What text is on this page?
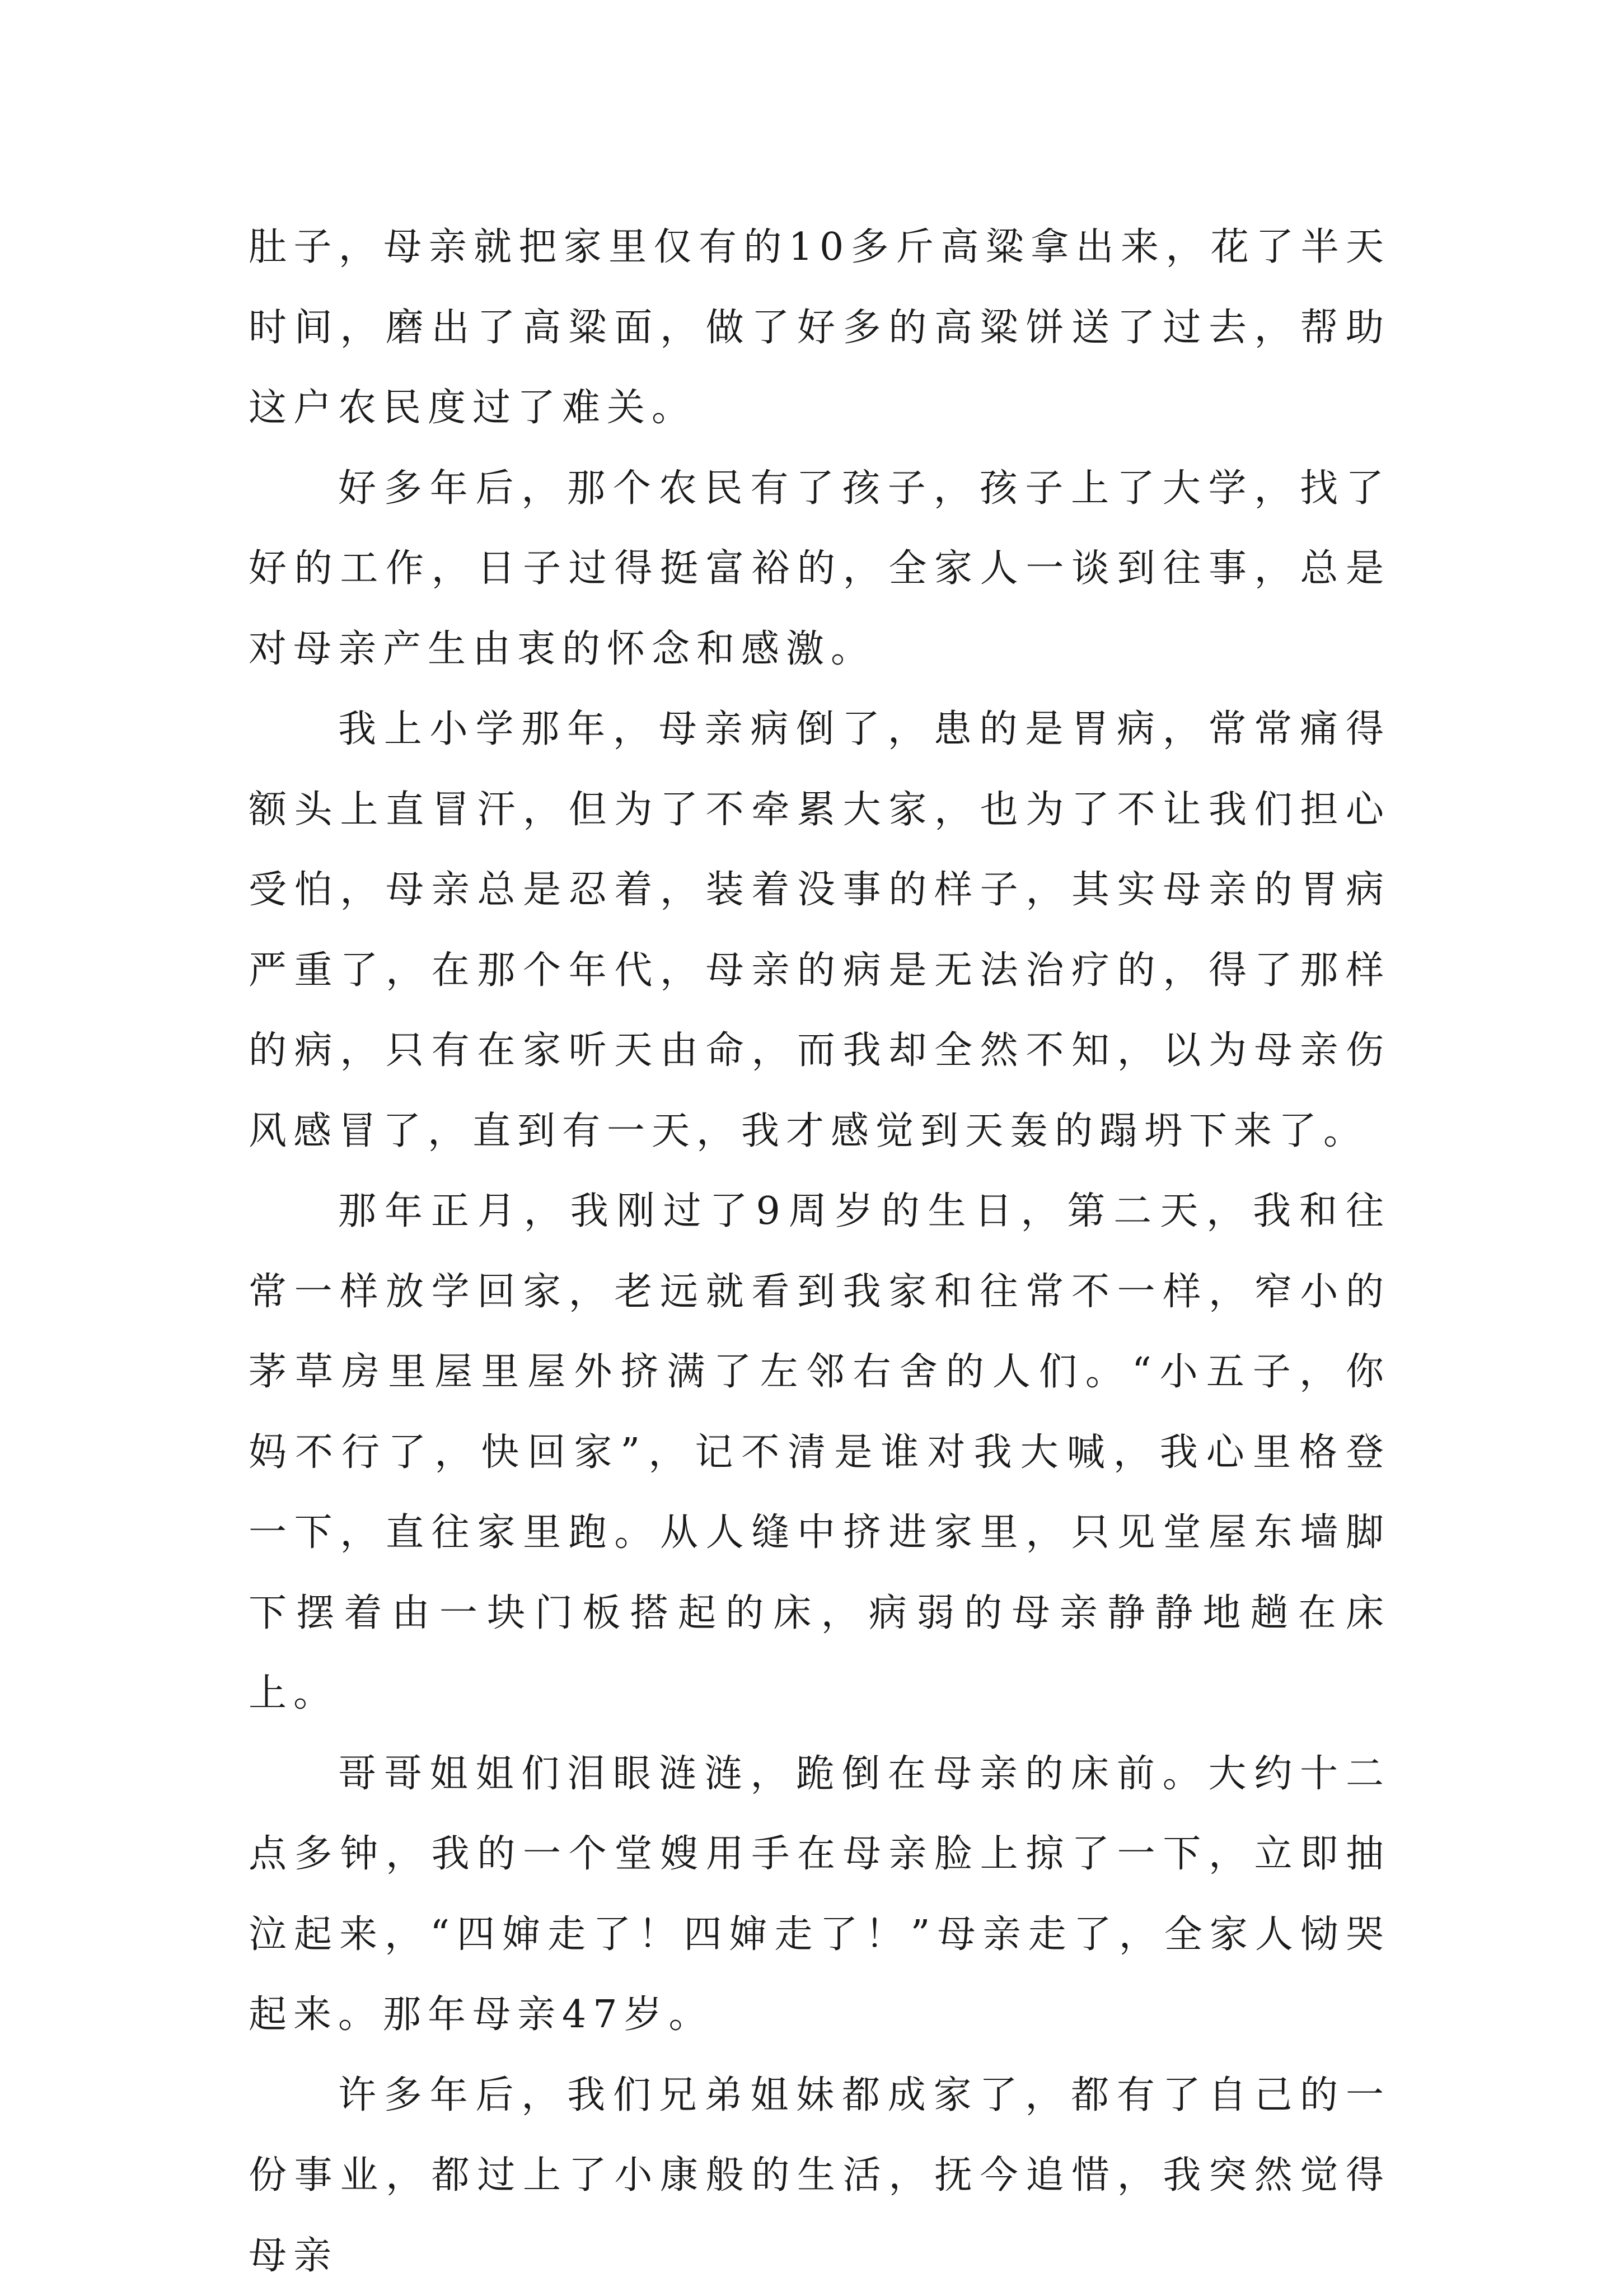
肚子，母亲就把家里仅有的10多斤高粱拿出来，花了半天时间，磨出了高粱面，做了好多的高粱饼送了过去，帮助这户农民度过了难关。

好多年后，那个农民有了孩子，孩子上了大学，找了好的工作，日子过得挺富裕的，全家人一谈到往事，总是对母亲产生由衷的怀念和感激。

我上小学那年，母亲病倒了，患的是胃病，常常痛得额头上直冒汗，但为了不牵累大家，也为了不让我们担心受怕，母亲总是忍着，装着没事的样子，其实母亲的胃病严重了，在那个年代，母亲的病是无法治疗的，得了那样的病，只有在家听天由命，而我却全然不知，以为母亲伤风感冒了，直到有一天，我才感觉到天轰的蹋坍下来了。

那年正月，我刚过了9周岁的生日，第二天，我和往常一样放学回家，老远就看到我家和往常不一样，窄小的茅草房里屋里屋外挤满了左邻右舍的人们。“小五子，你妈不行了，快回家”，记不清是谁对我大喊，我心里格登一下，直往家里跑。从人缝中挤进家里，只见堂屋东墙脚下摆着由一块门板搭起的床，病弱的母亲静静地趟在床上。

哥哥姐姐们泪眼涟涟，跪倒在母亲的床前。大约十二点多钟，我的一个堂嫂用手在母亲脸上掠了一下，立即抽泣起来，“四婶走了！四婶走了！”母亲走了，全家人恸哭起来。那年母亲47岁。

许多年后，我们兄弟姐妹都成家了，都有了自己的一份事业，都过上了小康般的生活，抚今追惜，我突然觉得母亲
